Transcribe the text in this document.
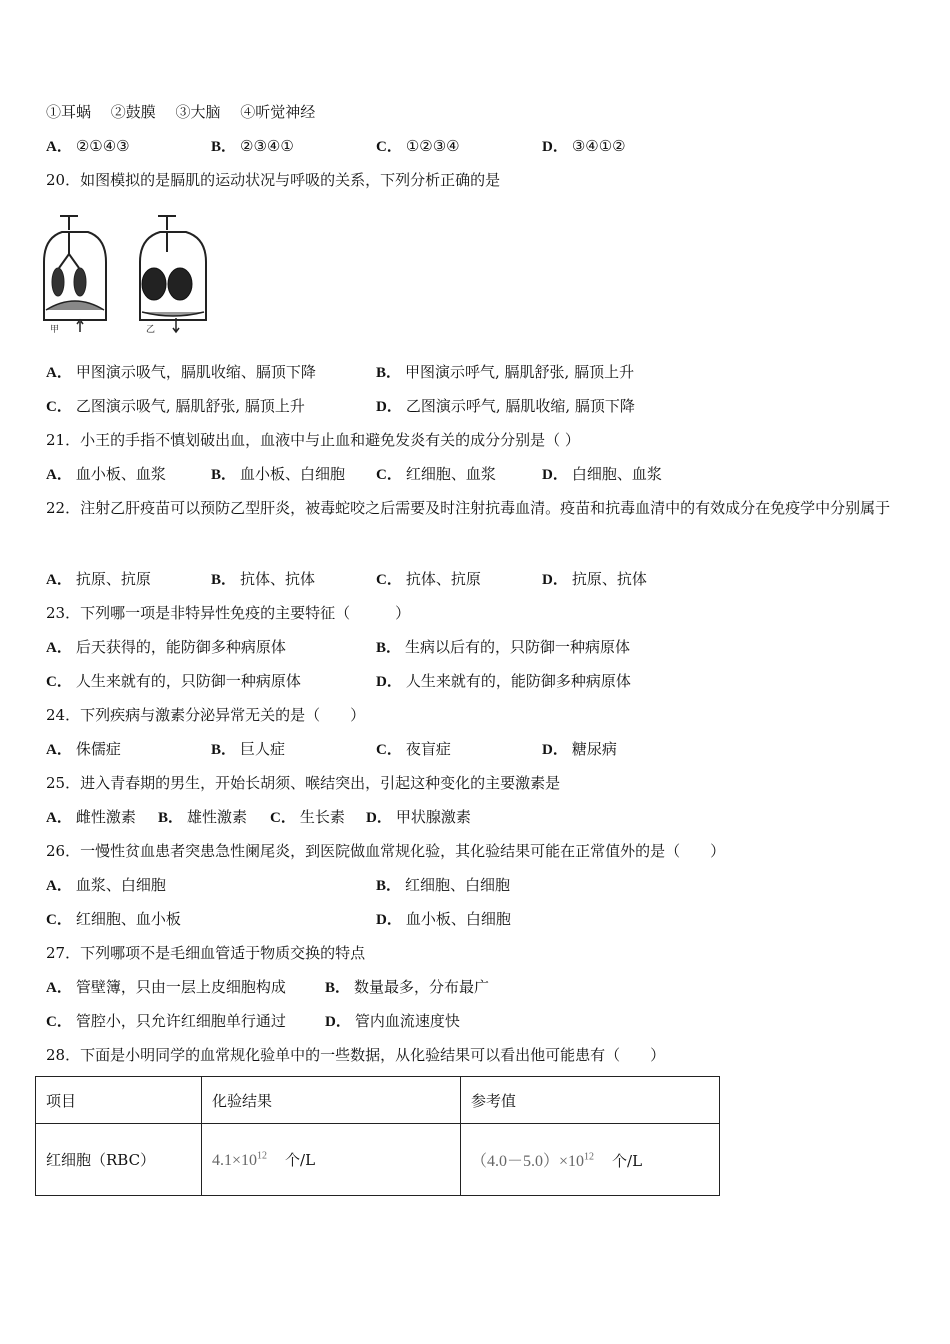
①耳蜗　 ②鼓膜　 ③大脑　 ④听觉神经
A． ②①④③	B． ②③④①	C． ①②③④	D． ③④①②
20．如图模拟的是膈肌的运动状况与呼吸的关系，下列分析正确的是
甲	乙
A． 甲图演示吸气，膈肌收缩、膈顶下降	B． 甲图演示呼气, 膈肌舒张, 膈顶上升
C． 乙图演示吸气, 膈肌舒张, 膈顶上升	D． 乙图演示呼气, 膈肌收缩, 膈顶下降
21．小王的手指不慎划破出血，血液中与止血和避免发炎有关的成分分别是（ ）
A． 血小板、血浆	B． 血小板、白细胞 C． 红细胞、血浆	D． 白细胞、血浆
22．注射乙肝疫苗可以预防乙型肝炎，被毒蛇咬之后需要及时注射抗毒血清。疫苗和抗毒血清中的有效成分在免疫学中分别属于
A． 抗原、抗原	B． 抗体、抗体	C． 抗体、抗原	D． 抗原、抗体
23．下列哪一项是非特异性免疫的主要特征（　　　）
A． 后天获得的，能防御多种病原体	B． 生病以后有的，只防御一种病原体
C． 人生来就有的，只防御一种病原体	D． 人生来就有的，能防御多种病原体
24．下列疾病与激素分泌异常无关的是（　　）
A． 侏儒症	B． 巨人症	C． 夜盲症	D． 糖尿病
25．进入青春期的男生，开始长胡须、喉结突出，引起这种变化的主要激素是
A． 雌性激素 B． 雄性激素 C． 生长素 D． 甲状腺激素
26．一慢性贫血患者突患急性阑尾炎，到医院做血常规化验，其化验结果可能在正常值外的是（　　）
A． 血浆、白细胞	B． 红细胞、白细胞
C． 红细胞、血小板	D． 血小板、白细胞
27．下列哪项不是毛细血管适于物质交换的特点
A． 管壁簿，只由一层上皮细胞构成	B． 数量最多，分布最广
C． 管腔小，只允许红细胞单行通过	D． 管内血流速度快
28．下面是小明同学的血常规化验单中的一些数据，从化验结果可以看出他可能患有（　　）
项目	化验结果	参考值
红细胞（RBC）	$4.1\times 10^{12}$ 个/L	$(4.0-5.0)\times 10^{12}$ 个/L
